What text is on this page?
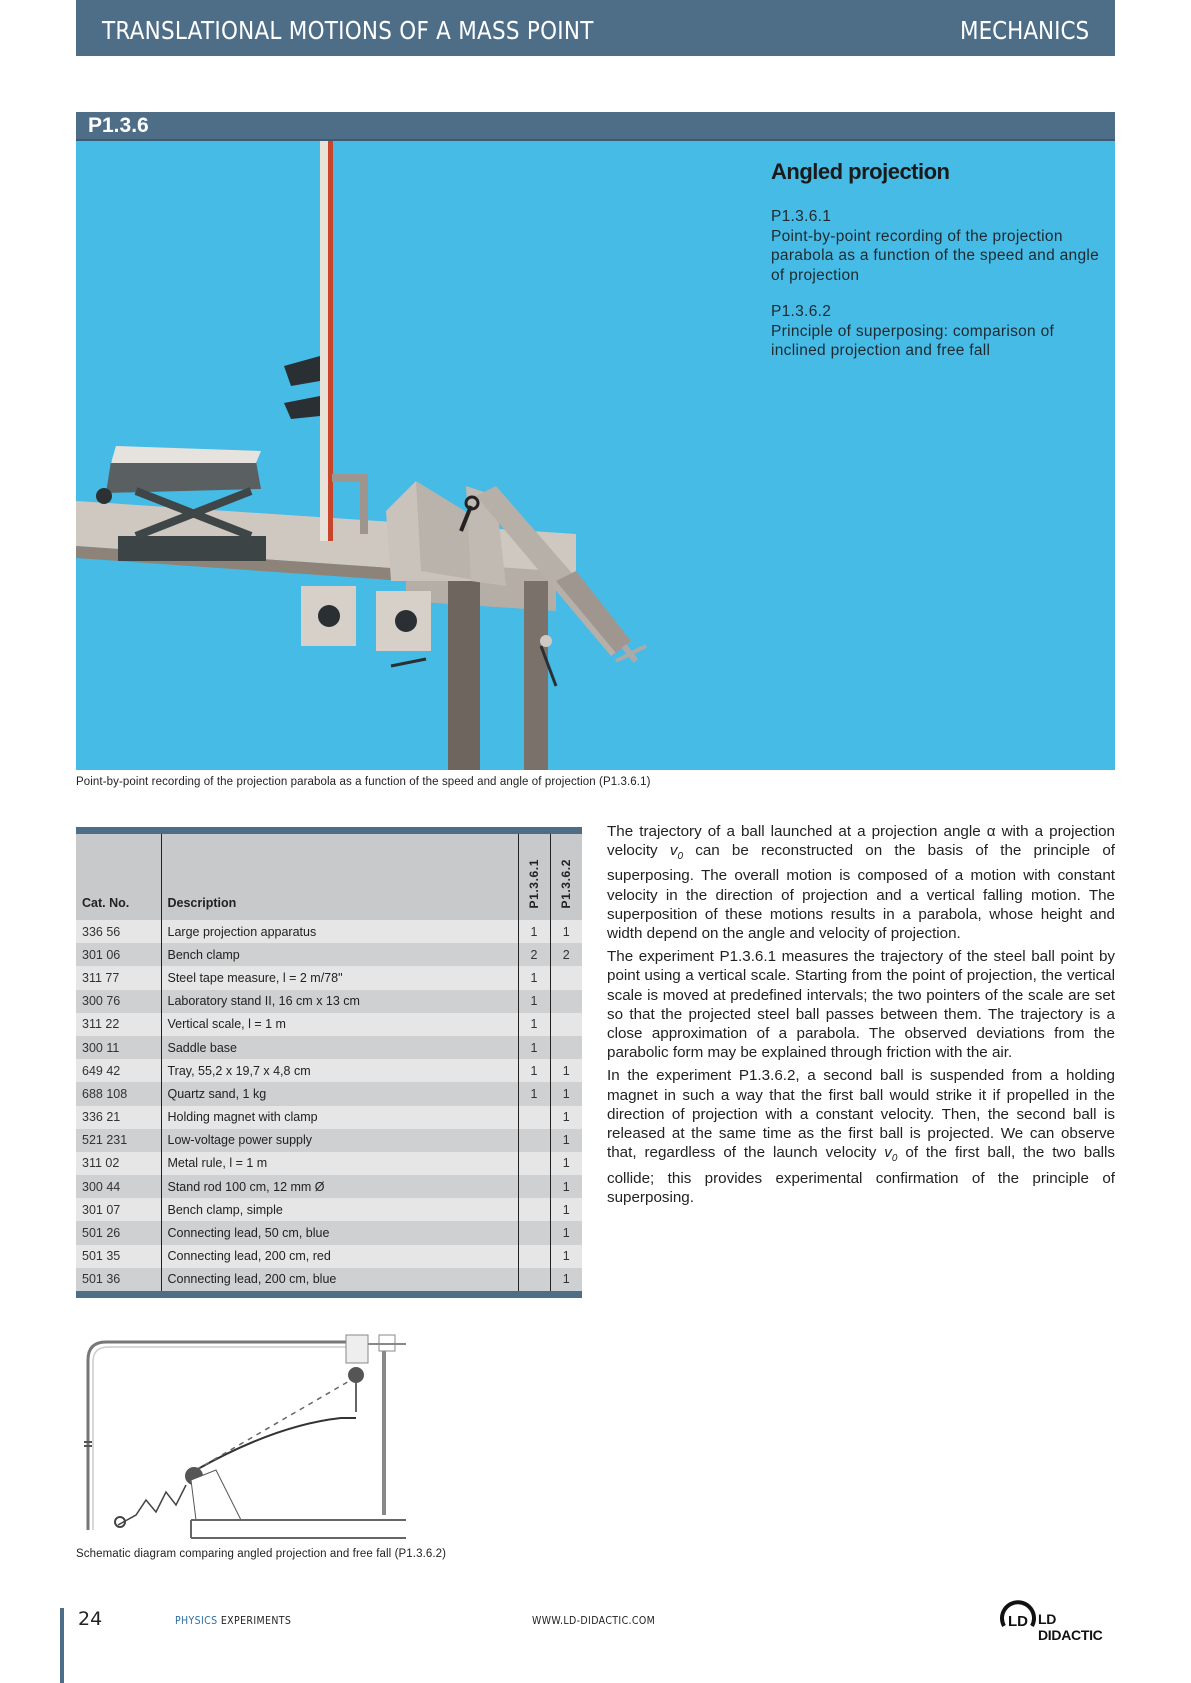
TRANSLATIONAL MOTIONS OF A MASS POINT	MECHANICS
P1.3.6
Angled projection
P1.3.6.1
Point-by-point recording of the projection parabola as a function of the speed and angle of projection
P1.3.6.2
Principle of superposing: comparison of inclined projection and free fall
Point-by-point recording of the projection parabola as a function of the speed and angle of projection (P1.3.6.1)
Cat. No.	Description	P1.3.6.1	P1.3.6.2
336 56	Large projection apparatus	1	1
301 06	Bench clamp	2	2
311 77	Steel tape measure, l = 2 m/78"	1	
300 76	Laboratory stand II, 16 cm x 13 cm	1	
311 22	Vertical scale, l = 1 m	1	
300 11	Saddle base	1	
649 42	Tray, 55,2 x 19,7 x 4,8 cm	1	1
688 108	Quartz sand, 1 kg	1	1
336 21	Holding magnet with clamp		1
521 231	Low-voltage power supply		1
311 02	Metal rule, l = 1 m		1
300 44	Stand rod 100 cm, 12 mm Ø		1
301 07	Bench clamp, simple		1
501 26	Connecting lead, 50 cm, blue		1
501 35	Connecting lead, 200 cm, red		1
501 36	Connecting lead, 200 cm, blue		1

The trajectory of a ball launched at a projection angle α with a projection velocity $v_0$ can be reconstructed on the basis of the principle of superposing. The overall motion is composed of a motion with constant velocity in the direction of projection and a vertical falling motion. The superposition of these motions results in a parabola, whose height and width depend on the angle and velocity of projection.

The experiment P1.3.6.1 measures the trajectory of the steel ball point by point using a vertical scale. Starting from the point of projection, the vertical scale is moved at predefined intervals; the two pointers of the scale are set so that the projected steel ball passes between them. The trajectory is a close approximation of a parabola. The observed deviations from the parabolic form may be explained through friction with the air.

In the experiment P1.3.6.2, a second ball is suspended from a holding magnet in such a way that the first ball would strike it if propelled in the direction of projection with a constant velocity. Then, the second ball is released at the same time as the first ball is projected. We can observe that, regardless of the launch velocity $v_0$ of the first ball, the two balls collide; this provides experimental confirmation of the principle of superposing.

Schematic diagram comparing angled projection and free fall (P1.3.6.2)
24	PHYSICS EXPERIMENTS	WWW.LD-DIDACTIC.COM	LD LD DIDACTIC
